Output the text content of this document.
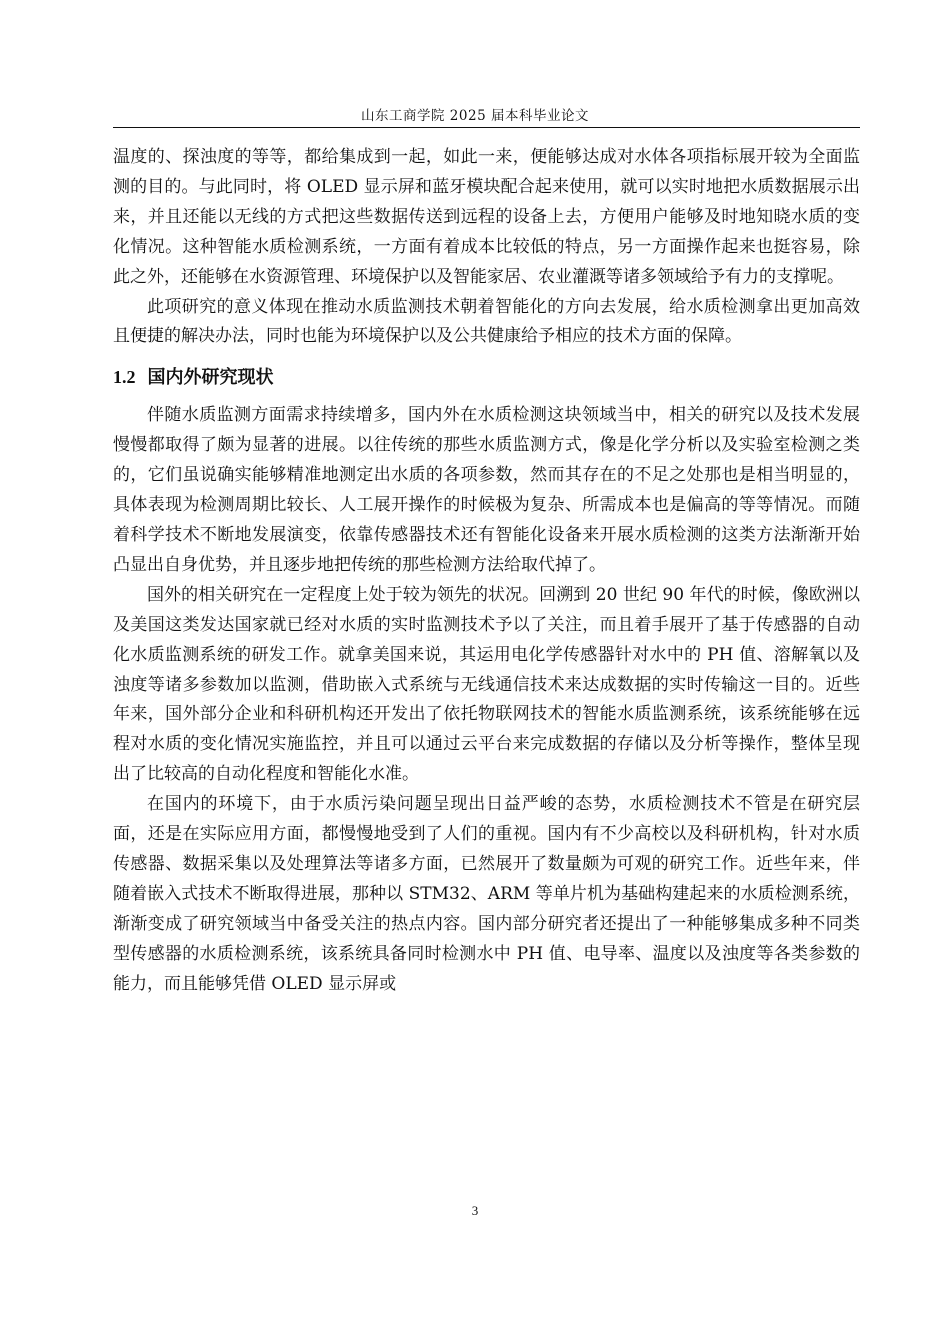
山东工商学院 2025 届本科毕业论文

温度的、探浊度的等等，都给集成到一起，如此一来，便能够达成对水体各项指标展开较为全面监测的目的。与此同时，将 OLED 显示屏和蓝牙模块配合起来使用，就可以实时地把水质数据展示出来，并且还能以无线的方式把这些数据传送到远程的设备上去，方便用户能够及时地知晓水质的变化情况。这种智能水质检测系统，一方面有着成本比较低的特点，另一方面操作起来也挺容易，除此之外，还能够在水资源管理、环境保护以及智能家居、农业灌溉等诸多领域给予有力的支撑呢。

此项研究的意义体现在推动水质监测技术朝着智能化的方向去发展，给水质检测拿出更加高效且便捷的解决办法，同时也能为环境保护以及公共健康给予相应的技术方面的保障。

1.2 国内外研究现状

伴随水质监测方面需求持续增多，国内外在水质检测这块领域当中，相关的研究以及技术发展慢慢都取得了颇为显著的进展。以往传统的那些水质监测方式，像是化学分析以及实验室检测之类的，它们虽说确实能够精准地测定出水质的各项参数，然而其存在的不足之处那也是相当明显的，具体表现为检测周期比较长、人工展开操作的时候极为复杂、所需成本也是偏高的等等情况。而随着科学技术不断地发展演变，依靠传感器技术还有智能化设备来开展水质检测的这类方法渐渐开始凸显出自身优势，并且逐步地把传统的那些检测方法给取代掉了。

国外的相关研究在一定程度上处于较为领先的状况。回溯到 20 世纪 90 年代的时候，像欧洲以及美国这类发达国家就已经对水质的实时监测技术予以了关注，而且着手展开了基于传感器的自动化水质监测系统的研发工作。就拿美国来说，其运用电化学传感器针对水中的 PH 值、溶解氧以及浊度等诸多参数加以监测，借助嵌入式系统与无线通信技术来达成数据的实时传输这一目的。近些年来，国外部分企业和科研机构还开发出了依托物联网技术的智能水质监测系统，该系统能够在远程对水质的变化情况实施监控，并且可以通过云平台来完成数据的存储以及分析等操作，整体呈现出了比较高的自动化程度和智能化水准。

在国内的环境下，由于水质污染问题呈现出日益严峻的态势，水质检测技术不管是在研究层面，还是在实际应用方面，都慢慢地受到了人们的重视。国内有不少高校以及科研机构，针对水质传感器、数据采集以及处理算法等诸多方面，已然展开了数量颇为可观的研究工作。近些年来，伴随着嵌入式技术不断取得进展，那种以 STM32、ARM 等单片机为基础构建起来的水质检测系统，渐渐变成了研究领域当中备受关注的热点内容。国内部分研究者还提出了一种能够集成多种不同类型传感器的水质检测系统，该系统具备同时检测水中 PH 值、电导率、温度以及浊度等各类参数的能力，而且能够凭借 OLED 显示屏或

3
